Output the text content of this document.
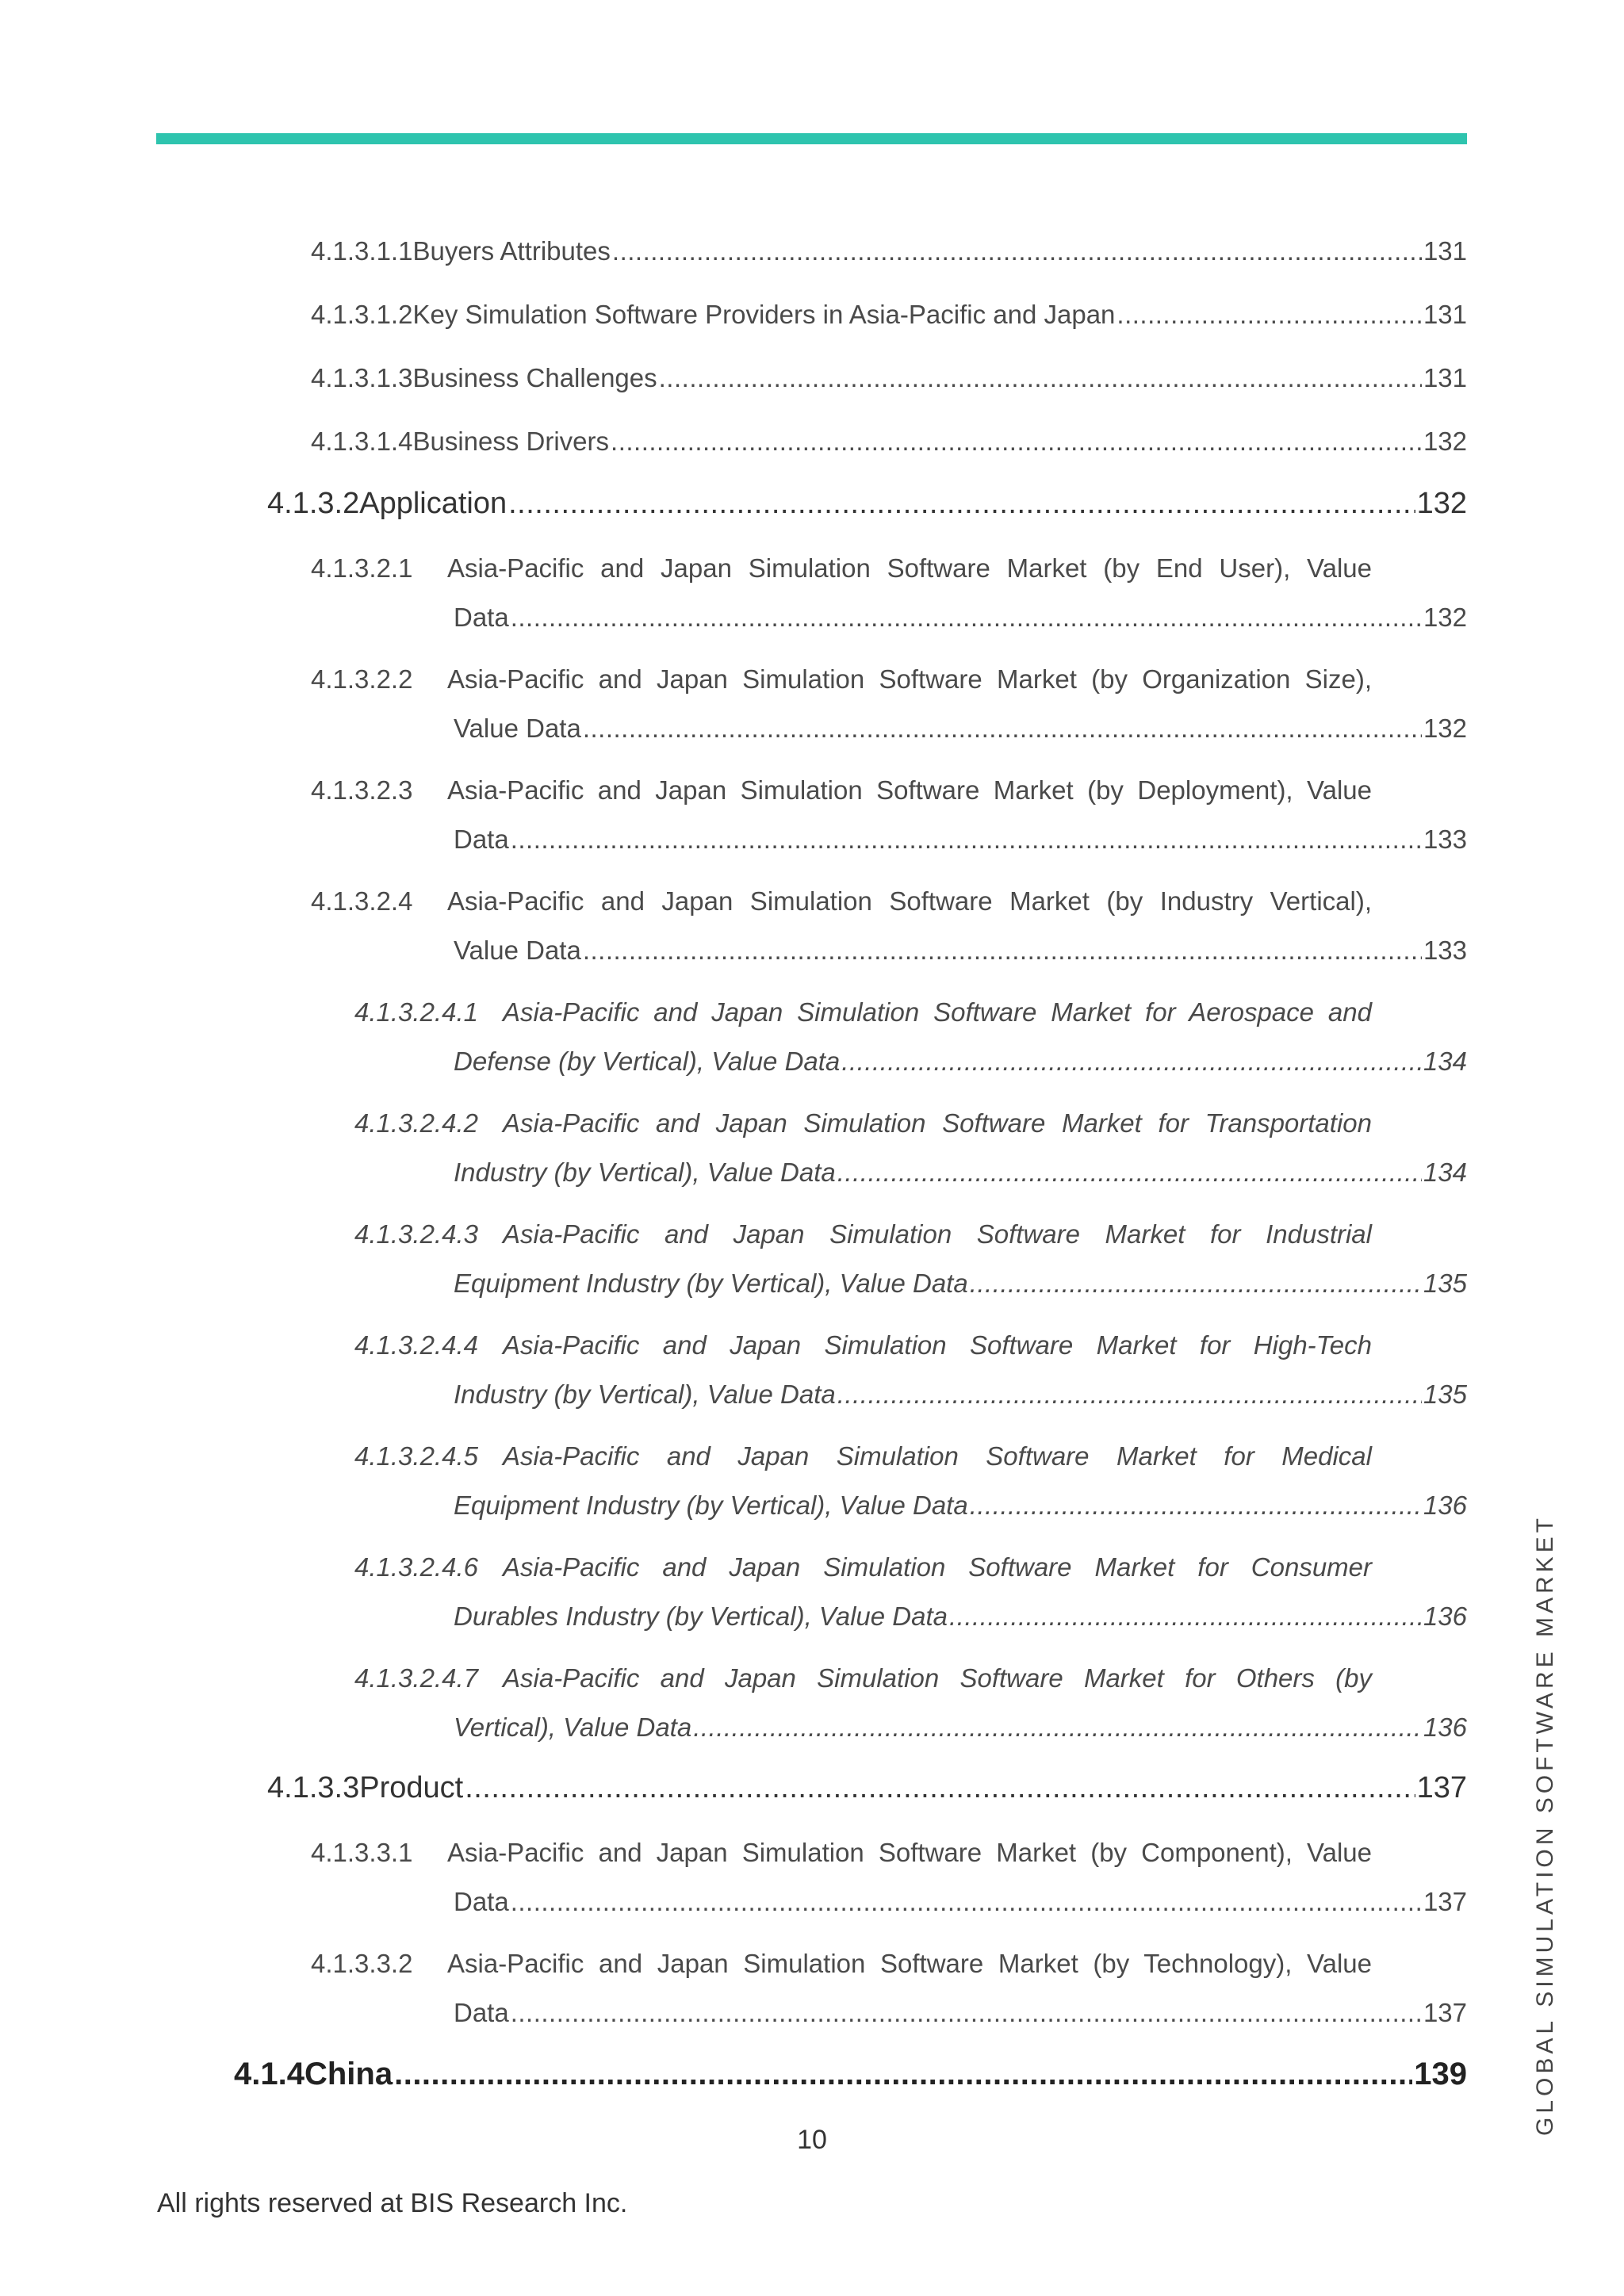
4.1.3.1.1 Buyers Attributes .....	131
4.1.3.1.2 Key Simulation Software Providers in Asia-Pacific and Japan .....	131
4.1.3.1.3 Business Challenges .....	131
4.1.3.1.4 Business Drivers .....	132
4.1.3.2 Application .....	132
4.1.3.2.1	Asia-Pacific and Japan Simulation Software Market (by End User), Value
Data .....	132
4.1.3.2.2	Asia-Pacific and Japan Simulation Software Market (by Organization Size),
Value Data .....	132
4.1.3.2.3	Asia-Pacific and Japan Simulation Software Market (by Deployment), Value
Data .....	133
4.1.3.2.4	Asia-Pacific and Japan Simulation Software Market (by Industry Vertical),
Value Data .....	133
4.1.3.2.4.1 Asia-Pacific and Japan Simulation Software Market for Aerospace and
Defense (by Vertical), Value Data .....	134
4.1.3.2.4.2 Asia-Pacific and Japan Simulation Software Market for Transportation
Industry (by Vertical), Value Data .....	134
4.1.3.2.4.3 Asia-Pacific and Japan Simulation Software Market for Industrial
Equipment Industry (by Vertical), Value Data .....	135
4.1.3.2.4.4 Asia-Pacific and Japan Simulation Software Market for High-Tech
Industry (by Vertical), Value Data .....	135
4.1.3.2.4.5 Asia-Pacific and Japan Simulation Software Market for Medical
Equipment Industry (by Vertical), Value Data .....	136
4.1.3.2.4.6 Asia-Pacific and Japan Simulation Software Market for Consumer
Durables Industry (by Vertical), Value Data .....	136
4.1.3.2.4.7 Asia-Pacific and Japan Simulation Software Market for Others (by
Vertical), Value Data .....	136
4.1.3.3 Product .....	137
4.1.3.3.1	Asia-Pacific and Japan Simulation Software Market (by Component), Value
Data .....	137
4.1.3.3.2	Asia-Pacific and Japan Simulation Software Market (by Technology), Value
Data .....	137
4.1.4 China .....	139
10
All rights reserved at BIS Research Inc.
GLOBAL SIMULATION SOFTWARE MARKET
